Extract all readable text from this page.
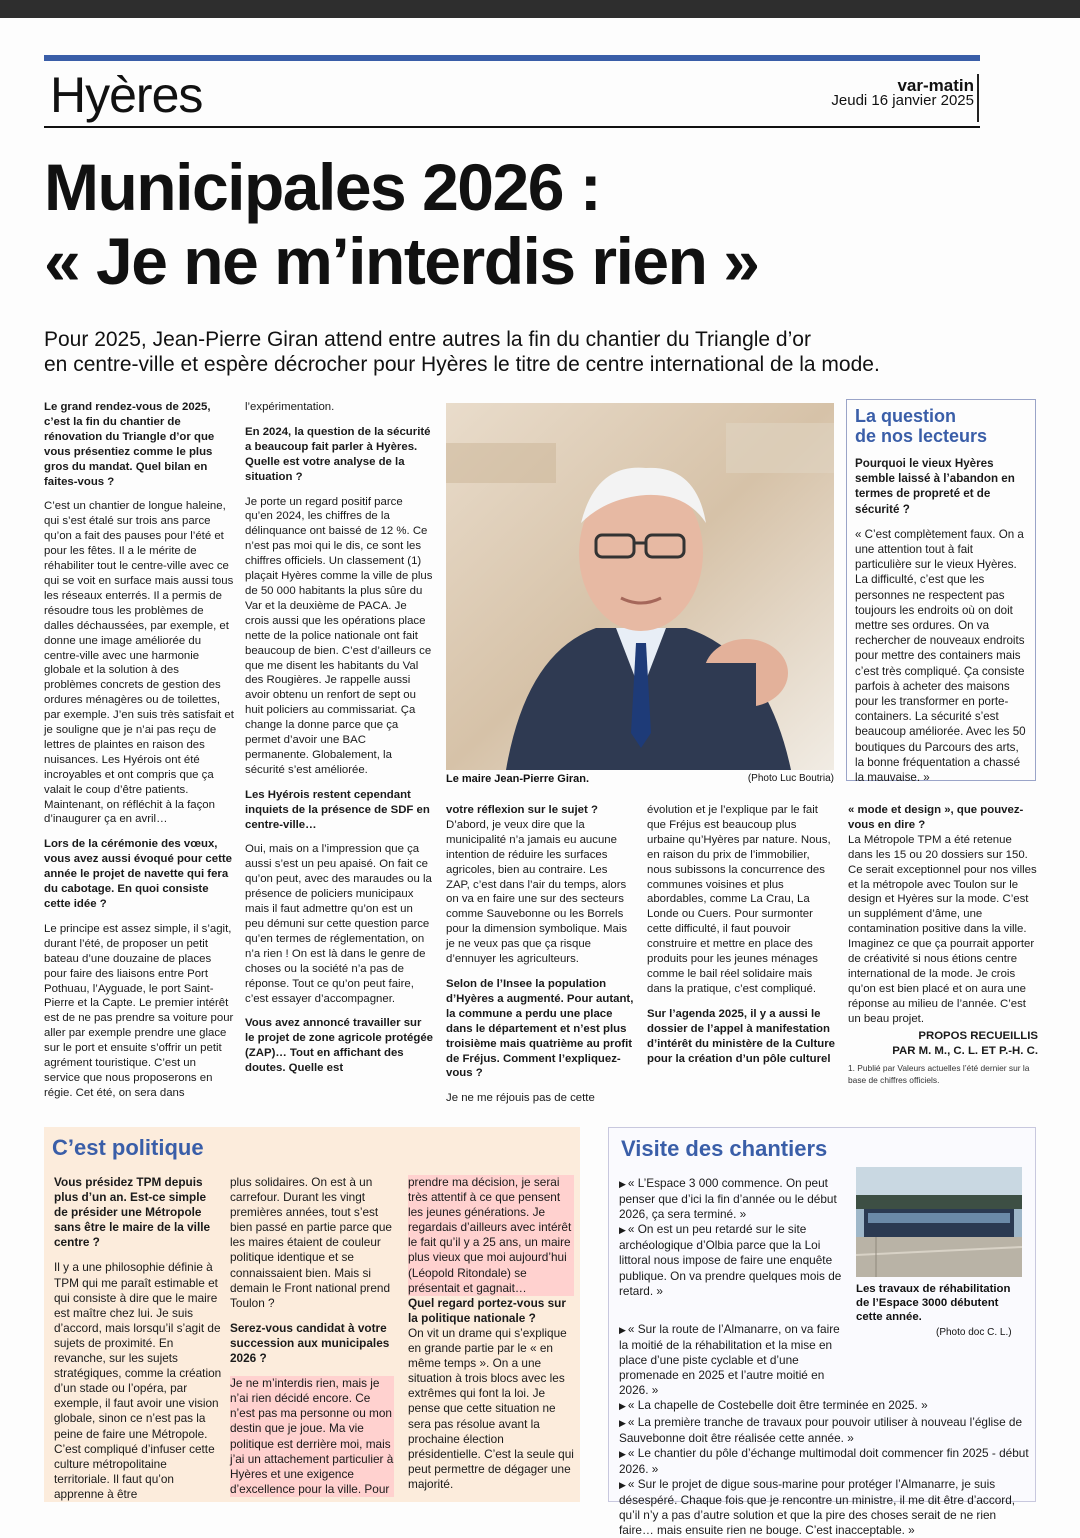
Hyères	var-matin
Jeudi 16 janvier 2025
Municipales 2026 :
« Je ne m’interdis rien »
Pour 2025, Jean-Pierre Giran attend entre autres la fin du chantier du Triangle d’or
en centre-ville et espère décrocher pour Hyères le titre de centre international de la mode.

Le grand rendez-vous de 2025, c’est la fin du chantier de rénovation du Triangle d’or que vous présentiez comme le plus gros du mandat. Quel bilan en faites-vous ?

C’est un chantier de longue haleine, qui s’est étalé sur trois ans parce qu’on a fait des pauses pour l’été et pour les fêtes. Il a le mérite de réhabiliter tout le centre-ville avec ce qui se voit en surface mais aussi tous les réseaux enterrés. Il a permis de résoudre tous les problèmes de dalles déchaussées, par exemple, et donne une image améliorée du centre-ville avec une harmonie globale et la solution à des problèmes concrets de gestion des ordures ménagères ou de toilettes, par exemple. J’en suis très satisfait et je souligne que je n’ai pas reçu de lettres de plaintes en raison des nuisances. Les Hyérois ont été incroyables et ont compris que ça valait le coup d’être patients. Maintenant, on réfléchit à la façon d’inaugurer ça en avril…

Lors de la cérémonie des vœux, vous avez aussi évoqué pour cette année le projet de navette qui fera du cabotage. En quoi consiste cette idée ?

Le principe est assez simple, il s’agit, durant l’été, de proposer un petit bateau d’une douzaine de places pour faire des liaisons entre Port Pothuau, l’Ayguade, le port Saint-Pierre et la Capte. Le premier intérêt est de ne pas prendre sa voiture pour aller par exemple prendre une glace sur le port et ensuite s’offrir un petit agrément touristique. C’est un service que nous proposerons en régie. Cet été, on sera dans

l’expérimentation.

En 2024, la question de la sécurité a beaucoup fait parler à Hyères. Quelle est votre analyse de la situation ?

Je porte un regard positif parce qu’en 2024, les chiffres de la délinquance ont baissé de 12 %. Ce n’est pas moi qui le dis, ce sont les chiffres officiels. Un classement (1) plaçait Hyères comme la ville de plus de 50 000 habitants la plus sûre du Var et la deuxième de PACA. Je crois aussi que les opérations place nette de la police nationale ont fait beaucoup de bien. C’est d’ailleurs ce que me disent les habitants du Val des Rougières. Je rappelle aussi avoir obtenu un renfort de sept ou huit policiers au commissariat. Ça change la donne parce que ça permet d’avoir une BAC permanente. Globalement, la sécurité s’est améliorée.

Les Hyérois restent cependant inquiets de la présence de SDF en centre-ville…

Oui, mais on a l’impression que ça aussi s’est un peu apaisé. On fait ce qu’on peut, avec des maraudes ou la présence de policiers municipaux mais il faut admettre qu’on est un peu démuni sur cette question parce qu’en termes de réglementation, on n’a rien ! On est là dans le genre de choses ou la société n’a pas de réponse. Tout ce qu’on peut faire, c’est essayer d’accompagner.

Vous avez annoncé travailler sur le projet de zone agricole protégée (ZAP)… Tout en affichant des doutes. Quelle est

Le maire Jean-Pierre Giran.	(Photo Luc Boutria)
La question
de nos lecteurs

Pourquoi le vieux Hyères semble laissé à l’abandon en termes de propreté et de sécurité ?

« C’est complètement faux. On a une attention tout à fait particulière sur le vieux Hyères. La difficulté, c’est que les personnes ne respectent pas toujours les endroits où on doit mettre ses ordures. On va rechercher de nouveaux endroits pour mettre des containers mais c’est très compliqué. Ça consiste parfois à acheter des maisons pour les transformer en porte-containers. La sécurité s’est beaucoup améliorée. Avec les 50 boutiques du Parcours des arts, la bonne fréquentation a chassé la mauvaise. »

votre réflexion sur le sujet ?

D’abord, je veux dire que la municipalité n’a jamais eu aucune intention de réduire les surfaces agricoles, bien au contraire. Les ZAP, c’est dans l’air du temps, alors on va en faire une sur des secteurs comme Sauvebonne ou les Borrels pour la dimension symbolique. Mais je ne veux pas que ça risque d’ennuyer les agriculteurs.

Selon de l’Insee la population d’Hyères a augmenté. Pour autant, la commune a perdu une place dans le département et n’est plus troisième mais quatrième au profit de Fréjus. Comment l’expliquez-vous ?

Je ne me réjouis pas de cette

évolution et je l’explique par le fait que Fréjus est beaucoup plus urbaine qu’Hyères par nature. Nous, en raison du prix de l’immobilier, nous subissons la concurrence des communes voisines et plus abordables, comme La Crau, La Londe ou Cuers. Pour surmonter cette difficulté, il faut pouvoir construire et mettre en place des produits pour les jeunes ménages comme le bail réel solidaire mais dans la pratique, c’est compliqué.

Sur l’agenda 2025, il y a aussi le dossier de l’appel à manifestation d’intérêt du ministère de la Culture pour la création d’un pôle culturel

« mode et design », que pouvez-vous en dire ?

La Métropole TPM a été retenue dans les 15 ou 20 dossiers sur 150. Ce serait exceptionnel pour nos villes et la métropole avec Toulon sur le design et Hyères sur la mode. C’est un supplément d’âme, une contamination positive dans la ville. Imaginez ce que ça pourrait apporter de créativité si nous étions centre international de la mode. Je crois qu’on est bien placé et on aura une réponse au milieu de l’année. C’est un beau projet.

PROPOS RECUEILLIS
PAR M. M., C. L. ET P.-H. C.
1. Publié par Valeurs actuelles l’été dernier sur la base de chiffres officiels.
C’est politique

Vous présidez TPM depuis plus d’un an. Est-ce simple de présider une Métropole sans être le maire de la ville centre ?

Il y a une philosophie définie à TPM qui me paraît estimable et qui consiste à dire que le maire est maître chez lui. Je suis d’accord, mais lorsqu’il s’agit de sujets de proximité. En revanche, sur les sujets stratégiques, comme la création d’un stade ou l’opéra, par exemple, il faut avoir une vision globale, sinon ce n’est pas la peine de faire une Métropole. C’est compliqué d’infuser cette culture métropolitaine territoriale. Il faut qu’on apprenne à être

plus solidaires. On est à un carrefour. Durant les vingt premières années, tout s’est bien passé en partie parce que les maires étaient de couleur politique identique et se connaissaient bien. Mais si demain le Front national prend Toulon ?

Serez-vous candidat à votre succession aux municipales 2026 ?

Je ne m’interdis rien, mais je n’ai rien décidé encore. Ce n’est pas ma personne ou mon destin que je joue. Ma vie politique est derrière moi, mais j’ai un attachement particulier à Hyères et une exigence d’excellence pour la ville. Pour

prendre ma décision, je serai très attentif à ce que pensent les jeunes générations. Je regardais d’ailleurs avec intérêt le fait qu’il y a 25 ans, un maire plus vieux que moi aujourd’hui (Léopold Ritondale) se présentait et gagnait…

Quel regard portez-vous sur la politique nationale ?

On vit un drame qui s’explique en grande partie par le « en même temps ». On a une situation à trois blocs avec les extrêmes qui font la loi. Je pense que cette situation ne sera pas résolue avant la prochaine élection présidentielle. C’est la seule qui peut permettre de dégager une majorité.

Visite des chantiers
▶ « L’Espace 3 000 commence. On peut penser que d’ici la fin d’année ou le début 2026, ça sera terminé. »
▶ « On est un peu retardé sur le site archéologique d’Olbia parce que la Loi littoral nous impose de faire une enquête publique. On va prendre quelques mois de retard. »
▶ « Sur la route de l’Almanarre, on va faire la moitié de la réhabilitation et la mise en place d’une piste cyclable et d’une promenade en 2025 et l’autre moitié en 2026. »
▶ « La chapelle de Costebelle doit être terminée en 2025. »
▶ « La première tranche de travaux pour pouvoir utiliser à nouveau l’église de Sauvebonne doit être réalisée cette année. »
▶ « Le chantier du pôle d’échange multimodal doit commencer fin 2025 - début 2026. »
▶ « Sur le projet de digue sous-marine pour protéger l’Almanarre, je suis désespéré. Chaque fois que je rencontre un ministre, il me dit être d’accord, qu’il n’y a pas d’autre solution et que la pire des choses serait de ne rien faire… mais ensuite rien ne bouge. C’est inacceptable. »
Les travaux de réhabilitation de l’Espace 3000 débutent cette année.
(Photo doc C. L.)
